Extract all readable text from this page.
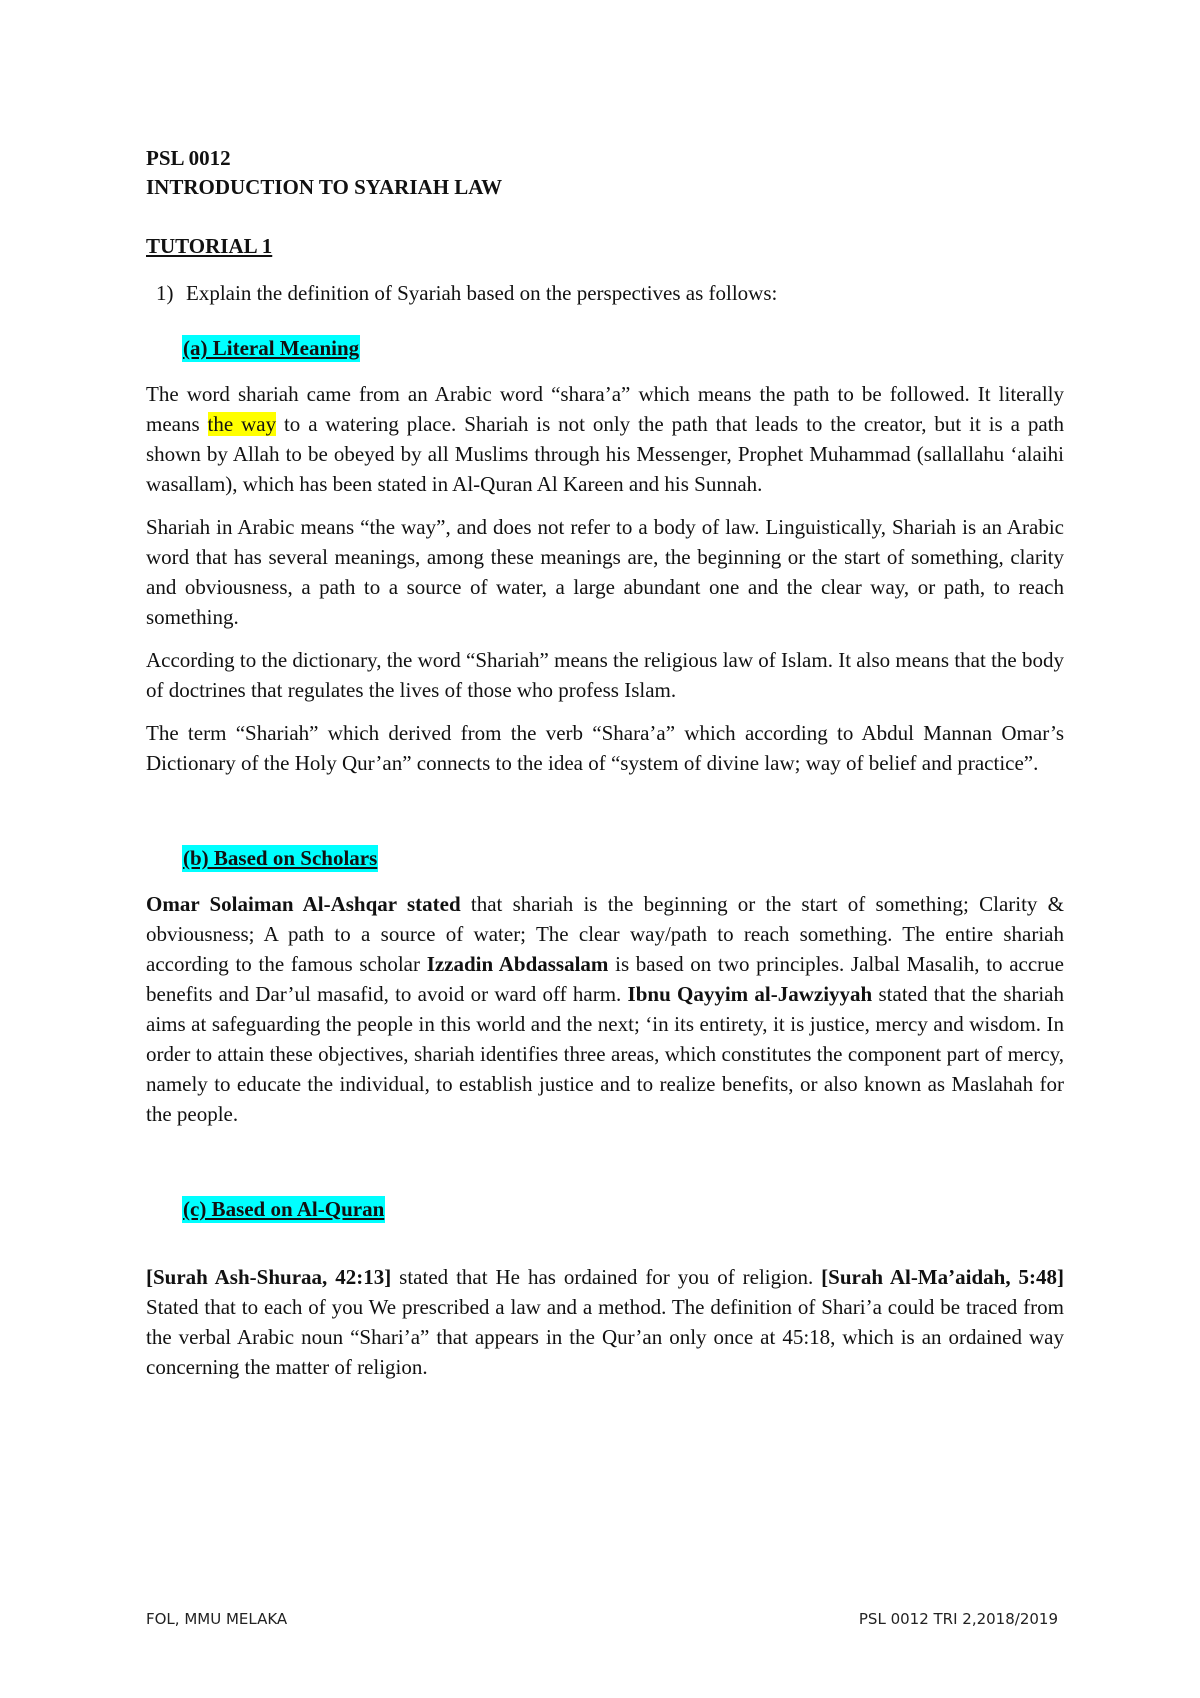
PSL 0012

INTRODUCTION TO SYARIAH LAW

TUTORIAL 1

1) Explain the definition of Syariah based on the perspectives as follows:

(a) Literal Meaning

The word shariah came from an Arabic word “shara’a” which means the path to be followed. It literally means the way to a watering place. Shariah is not only the path that leads to the creator, but it is a path shown by Allah to be obeyed by all Muslims through his Messenger, Prophet Muhammad (sallallahu ‘alaihi wasallam), which has been stated in Al-Quran Al Kareen and his Sunnah.

Shariah in Arabic means “the way”, and does not refer to a body of law. Linguistically, Shariah is an Arabic word that has several meanings, among these meanings are, the beginning or the start of something, clarity and obviousness, a path to a source of water, a large abundant one and the clear way, or path, to reach something.

According to the dictionary, the word “Shariah” means the religious law of Islam. It also means that the body of doctrines that regulates the lives of those who profess Islam.

The term “Shariah” which derived from the verb “Shara’a” which according to Abdul Mannan Omar’s Dictionary of the Holy Qur’an” connects to the idea of “system of divine law; way of belief and practice”.

(b) Based on Scholars

Omar Solaiman Al-Ashqar stated that shariah is the beginning or the start of something; Clarity & obviousness; A path to a source of water; The clear way/path to reach something. The entire shariah according to the famous scholar Izzadin Abdassalam is based on two principles. Jalbal Masalih, to accrue benefits and Dar’ul masafid, to avoid or ward off harm. Ibnu Qayyim al-Jawziyyah stated that the shariah aims at safeguarding the people in this world and the next; ‘in its entirety, it is justice, mercy and wisdom. In order to attain these objectives, shariah identifies three areas, which constitutes the component part of mercy, namely to educate the individual, to establish justice and to realize benefits, or also known as Maslahah for the people.

(c) Based on Al-Quran

[Surah Ash-Shuraa, 42:13] stated that He has ordained for you of religion. [Surah Al-Ma’aidah, 5:48] Stated that to each of you We prescribed a law and a method. The definition of Shari’a could be traced from the verbal Arabic noun “Shari’a” that appears in the Qur’an only once at 45:18, which is an ordained way concerning the matter of religion.

FOL, MMU MELAKA	PSL 0012 TRI 2,2018/2019
